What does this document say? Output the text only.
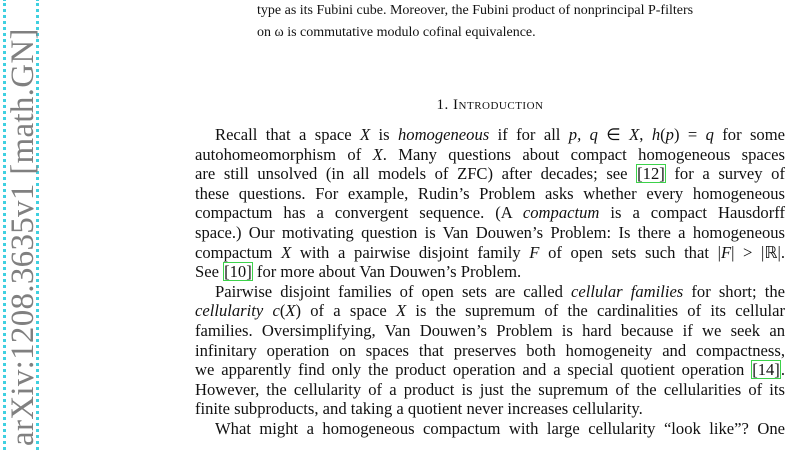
arXiv:1208.3635v1 [math.GN]
type as its Fubini cube. Moreover, the Fubini product of nonprincipal P-filters
on ω is commutative modulo cofinal equivalence.
1. Introduction
Recall that a space X is homogeneous if for all p, q ∈ X, h(p) = q for some
autohomeomorphism of X. Many questions about compact homogeneous spaces
are still unsolved (in all models of ZFC) after decades; see [12] for a survey of
these questions. For example, Rudin’s Problem asks whether every homogeneous
compactum has a convergent sequence. (A compactum is a compact Hausdorff
space.) Our motivating question is Van Douwen’s Problem: Is there a homogeneous
compactum X with a pairwise disjoint family F of open sets such that |F| > |ℝ|.
See [10] for more about Van Douwen’s Problem.
Pairwise disjoint families of open sets are called cellular families for short; the
cellularity c(X) of a space X is the supremum of the cardinalities of its cellular
families. Oversimplifying, Van Douwen’s Problem is hard because if we seek an
infinitary operation on spaces that preserves both homogeneity and compactness,
we apparently find only the product operation and a special quotient operation [14].
However, the cellularity of a product is just the supremum of the cellularities of its
finite subproducts, and taking a quotient never increases cellularity.
What might a homogeneous compactum with large cellularity “look like”? One
